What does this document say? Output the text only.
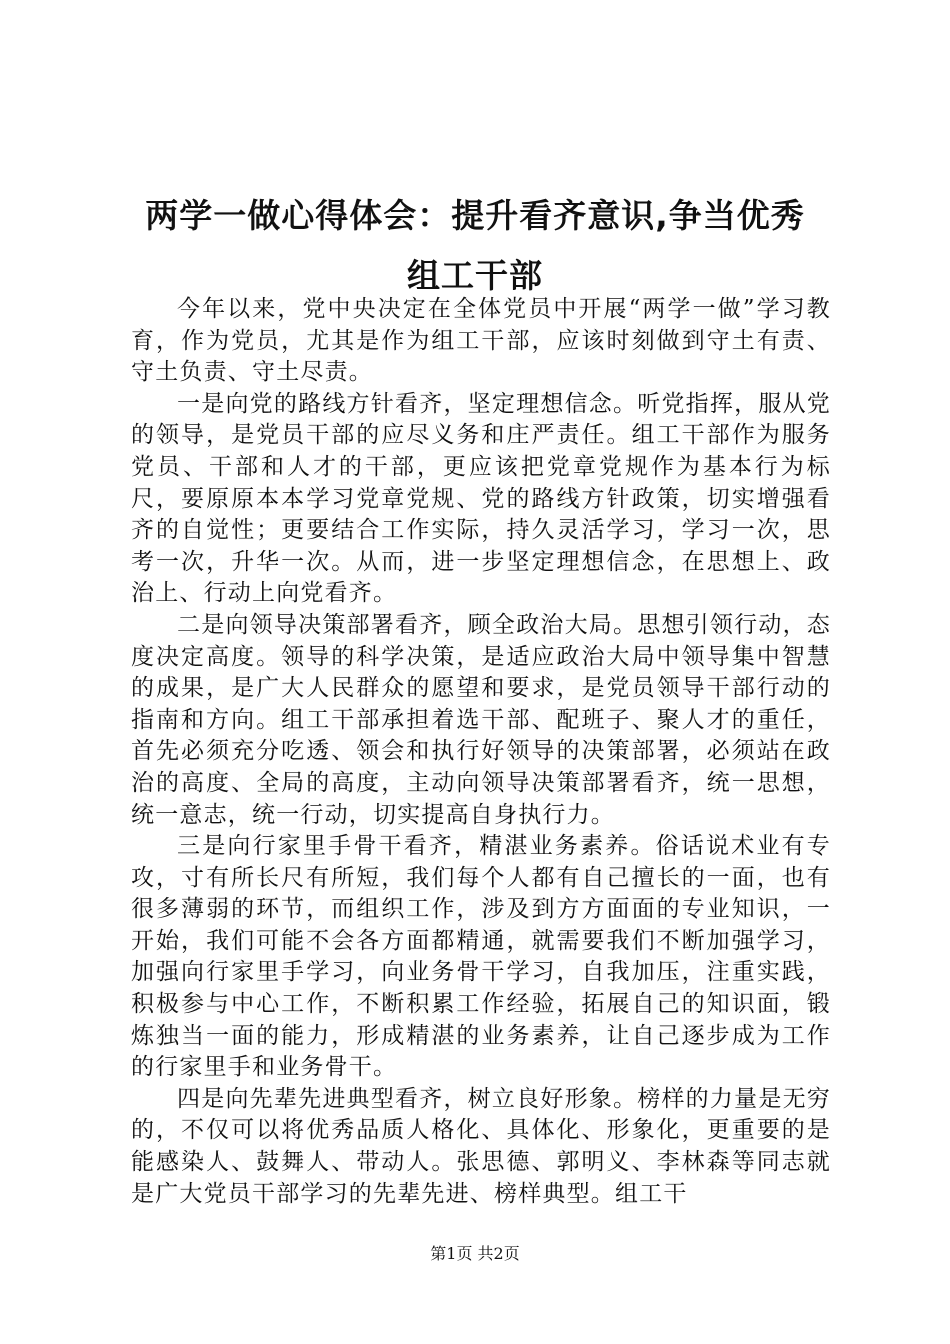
两学一做心得体会：提升看齐意识,争当优秀
组工干部

今年以来，党中央决定在全体党员中开展“两学一做”学习教育，作为党员，尤其是作为组工干部，应该时刻做到守土有责、守土负责、守土尽责。

一是向党的路线方针看齐，坚定理想信念。听党指挥，服从党的领导，是党员干部的应尽义务和庄严责任。组工干部作为服务党员、干部和人才的干部，更应该把党章党规作为基本行为标尺，要原原本本学习党章党规、党的路线方针政策，切实增强看齐的自觉性；更要结合工作实际，持久灵活学习，学习一次，思考一次，升华一次。从而，进一步坚定理想信念，在思想上、政治上、行动上向党看齐。

二是向领导决策部署看齐，顾全政治大局。思想引领行动，态度决定高度。领导的科学决策，是适应政治大局中领导集中智慧的成果，是广大人民群众的愿望和要求，是党员领导干部行动的指南和方向。组工干部承担着选干部、配班子、聚人才的重任，首先必须充分吃透、领会和执行好领导的决策部署，必须站在政治的高度、全局的高度，主动向领导决策部署看齐，统一思想，统一意志，统一行动，切实提高自身执行力。

三是向行家里手骨干看齐，精湛业务素养。俗话说术业有专攻，寸有所长尺有所短，我们每个人都有自己擅长的一面，也有很多薄弱的环节，而组织工作，涉及到方方面面的专业知识，一开始，我们可能不会各方面都精通，就需要我们不断加强学习，加强向行家里手学习，向业务骨干学习，自我加压，注重实践，积极参与中心工作，不断积累工作经验，拓展自己的知识面，锻炼独当一面的能力，形成精湛的业务素养，让自己逐步成为工作的行家里手和业务骨干。

四是向先辈先进典型看齐，树立良好形象。榜样的力量是无穷的，不仅可以将优秀品质人格化、具体化、形象化，更重要的是能感染人、鼓舞人、带动人。张思德、郭明义、李林森等同志就是广大党员干部学习的先辈先进、榜样典型。组工干

第1页 共2页
